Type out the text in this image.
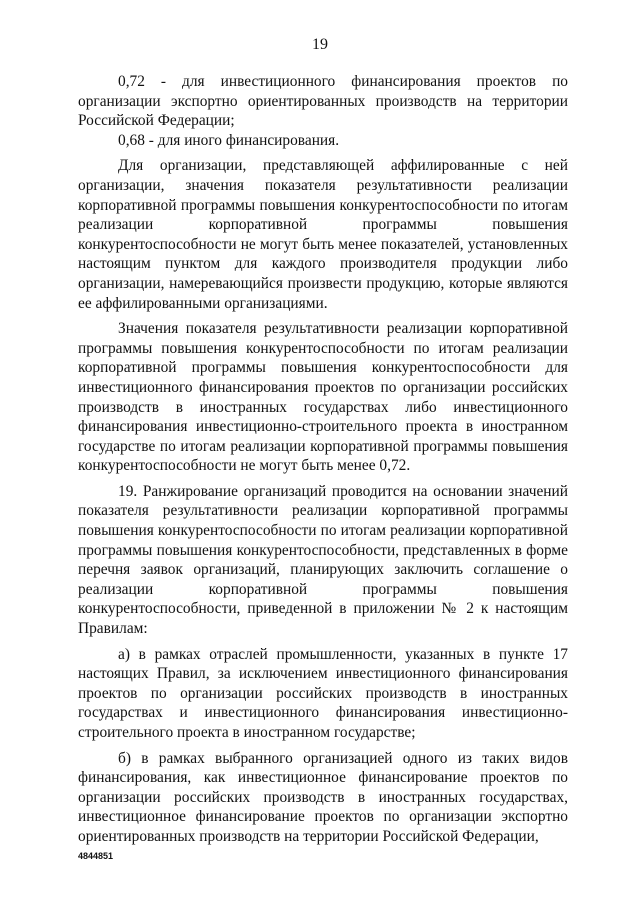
19

0,72 - для инвестиционного финансирования проектов по организации экспортно ориентированных производств на территории Российской Федерации;

0,68 - для иного финансирования.

Для организации, представляющей аффилированные с ней организации, значения показателя результативности реализации корпоративной программы повышения конкурентоспособности по итогам реализации корпоративной программы повышения конкурентоспособности не могут быть менее показателей, установленных настоящим пунктом для каждого производителя продукции либо организации, намеревающийся произвести продукцию, которые являются ее аффилированными организациями.

Значения показателя результативности реализации корпоративной программы повышения конкурентоспособности по итогам реализации корпоративной программы повышения конкурентоспособности для инвестиционного финансирования проектов по организации российских производств в иностранных государствах либо инвестиционного финансирования инвестиционно-строительного проекта в иностранном государстве по итогам реализации корпоративной программы повышения конкурентоспособности не могут быть менее 0,72.

19. Ранжирование организаций проводится на основании значений показателя результативности реализации корпоративной программы повышения конкурентоспособности по итогам реализации корпоративной программы повышения конкурентоспособности, представленных в форме перечня заявок организаций, планирующих заключить соглашение о реализации корпоративной программы повышения конкурентоспособности, приведенной в приложении № 2 к настоящим Правилам:

а) в рамках отраслей промышленности, указанных в пункте 17 настоящих Правил, за исключением инвестиционного финансирования проектов по организации российских производств в иностранных государствах и инвестиционного финансирования инвестиционно-строительного проекта в иностранном государстве;

б) в рамках выбранного организацией одного из таких видов финансирования, как инвестиционное финансирование проектов по организации российских производств в иностранных государствах, инвестиционное финансирование проектов по организации экспортно ориентированных производств на территории Российской Федерации,

4844851
